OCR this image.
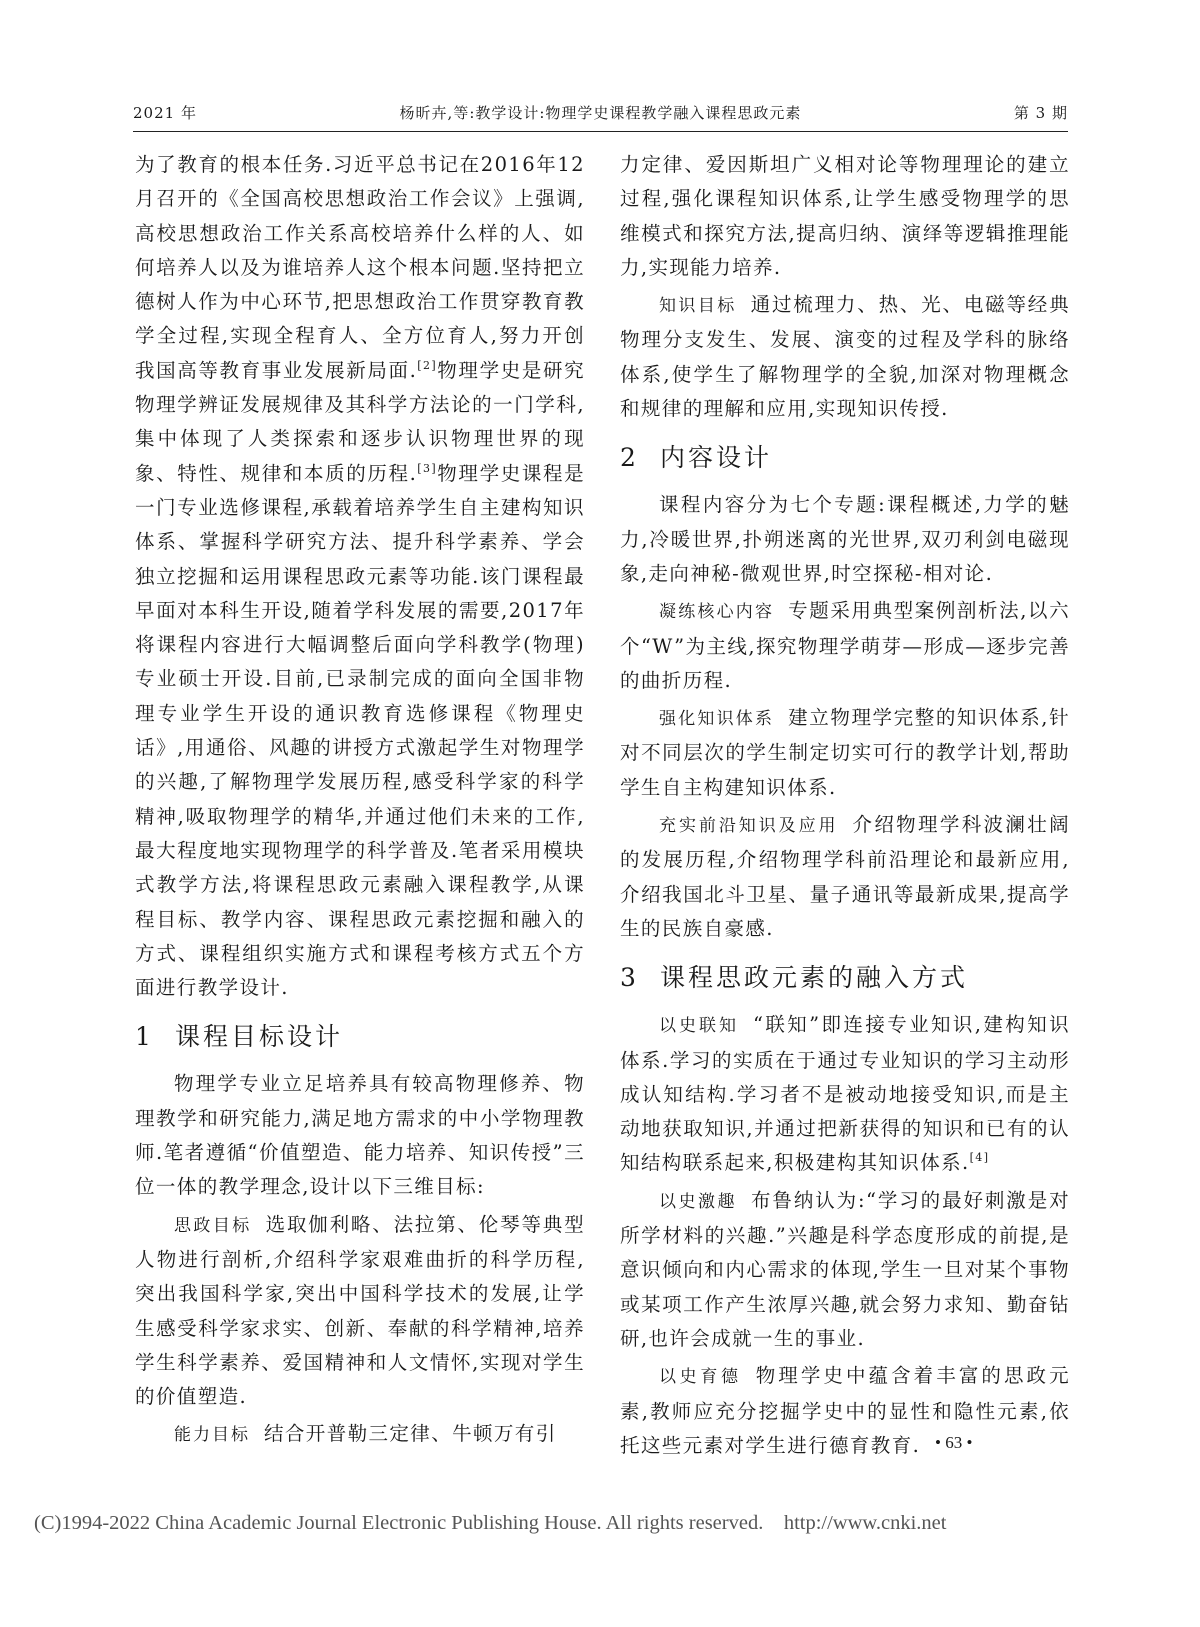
2021 年	杨昕卉,等:教学设计:物理学史课程教学融入课程思政元素	第 3 期

为了教育的根本任务.习近平总书记在2016年12月召开的《全国高校思想政治工作会议》上强调,高校思想政治工作关系高校培养什么样的人、如何培养人以及为谁培养人这个根本问题.坚持把立德树人作为中心环节,把思想政治工作贯穿教育教学全过程,实现全程育人、全方位育人,努力开创我国高等教育事业发展新局面.[2]物理学史是研究物理学辨证发展规律及其科学方法论的一门学科,集中体现了人类探索和逐步认识物理世界的现象、特性、规律和本质的历程.[3]物理学史课程是一门专业选修课程,承载着培养学生自主建构知识体系、掌握科学研究方法、提升科学素养、学会独立挖掘和运用课程思政元素等功能.该门课程最早面对本科生开设,随着学科发展的需要,2017年将课程内容进行大幅调整后面向学科教学(物理)专业硕士开设.目前,已录制完成的面向全国非物理专业学生开设的通识教育选修课程《物理史话》,用通俗、风趣的讲授方式激起学生对物理学的兴趣,了解物理学发展历程,感受科学家的科学精神,吸取物理学的精华,并通过他们未来的工作,最大程度地实现物理学的科学普及.笔者采用模块式教学方法,将课程思政元素融入课程教学,从课程目标、教学内容、课程思政元素挖掘和融入的方式、课程组织实施方式和课程考核方式五个方面进行教学设计.

1 课程目标设计

物理学专业立足培养具有较高物理修养、物理教学和研究能力,满足地方需求的中小学物理教师.笔者遵循“价值塑造、能力培养、知识传授”三位一体的教学理念,设计以下三维目标:

思政目标 选取伽利略、法拉第、伦琴等典型人物进行剖析,介绍科学家艰难曲折的科学历程,突出我国科学家,突出中国科学技术的发展,让学生感受科学家求实、创新、奉献的科学精神,培养学生科学素养、爱国精神和人文情怀,实现对学生的价值塑造.

能力目标 结合开普勒三定律、牛顿万有引

力定律、爱因斯坦广义相对论等物理理论的建立过程,强化课程知识体系,让学生感受物理学的思维模式和探究方法,提高归纳、演绎等逻辑推理能力,实现能力培养.

知识目标 通过梳理力、热、光、电磁等经典物理分支发生、发展、演变的过程及学科的脉络体系,使学生了解物理学的全貌,加深对物理概念和规律的理解和应用,实现知识传授.

2 内容设计

课程内容分为七个专题:课程概述,力学的魅力,冷暖世界,扑朔迷离的光世界,双刃利剑电磁现象,走向神秘-微观世界,时空探秘-相对论.

凝练核心内容 专题采用典型案例剖析法,以六个“W”为主线,探究物理学萌芽—形成—逐步完善的曲折历程.

强化知识体系 建立物理学完整的知识体系,针对不同层次的学生制定切实可行的教学计划,帮助学生自主构建知识体系.

充实前沿知识及应用 介绍物理学科波澜壮阔的发展历程,介绍物理学科前沿理论和最新应用,介绍我国北斗卫星、量子通讯等最新成果,提高学生的民族自豪感.

3 课程思政元素的融入方式

以史联知 “联知”即连接专业知识,建构知识体系.学习的实质在于通过专业知识的学习主动形成认知结构.学习者不是被动地接受知识,而是主动地获取知识,并通过把新获得的知识和已有的认知结构联系起来,积极建构其知识体系.[4]

以史激趣 布鲁纳认为:“学习的最好刺激是对所学材料的兴趣.”兴趣是科学态度形成的前提,是意识倾向和内心需求的体现,学生一旦对某个事物或某项工作产生浓厚兴趣,就会努力求知、勤奋钻研,也许会成就一生的事业.

以史育德 物理学史中蕴含着丰富的思政元素,教师应充分挖掘学史中的显性和隐性元素,依托这些元素对学生进行德育教育. • 63 •
(C)1994-2022 China Academic Journal Electronic Publishing House. All rights reserved.    http://www.cnki.net
